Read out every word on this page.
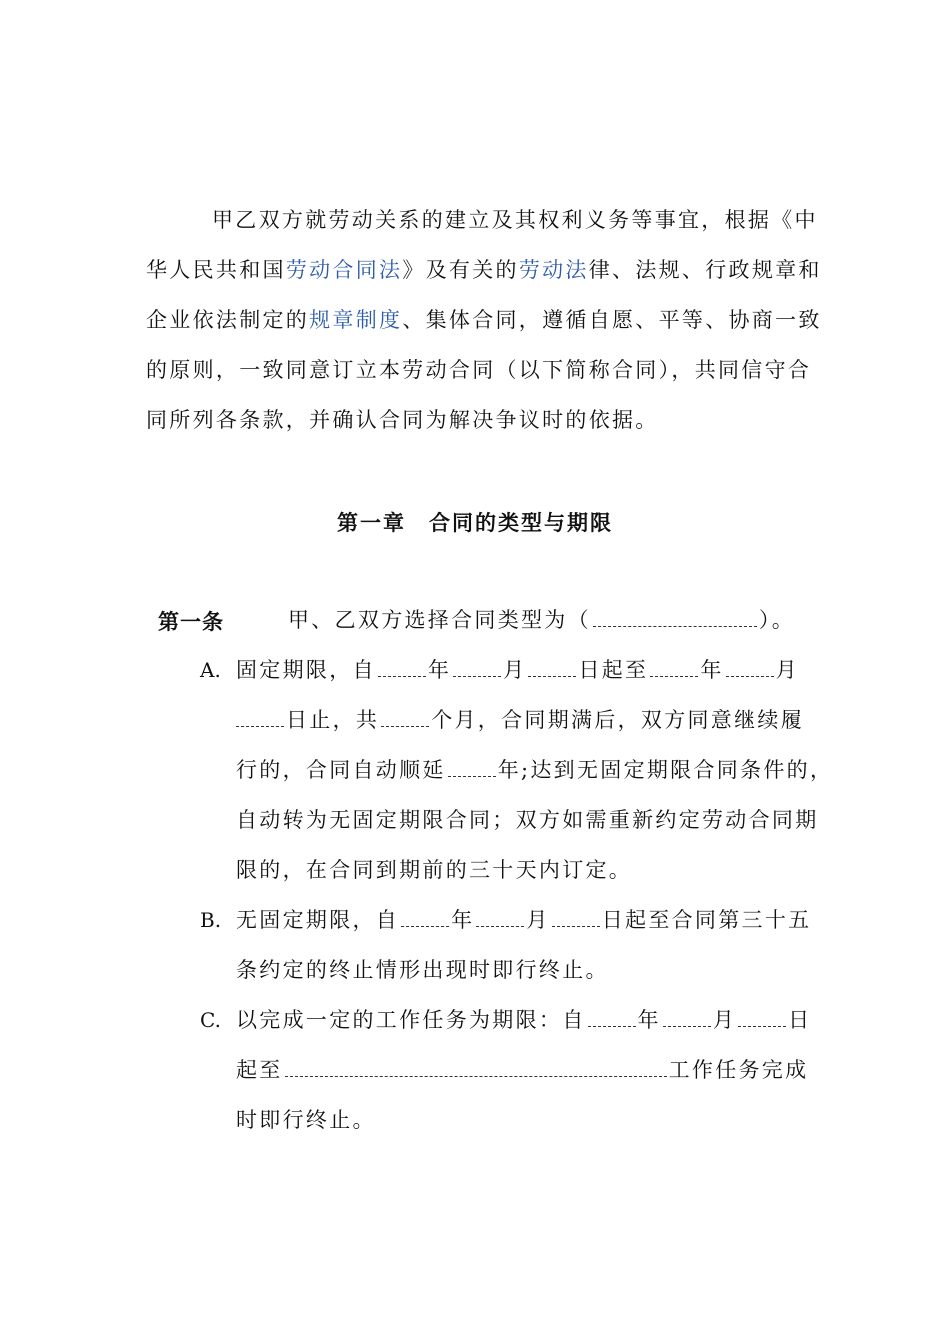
甲乙双方就劳动关系的建立及其权利义务等事宜，根据《中
华人民共和国劳动合同法》及有关的劳动法律、法规、行政规章和
企业依法制定的规章制度、集体合同，遵循自愿、平等、协商一致
的原则，一致同意订立本劳动合同（以下简称合同），共同信守合
同所列各条款，并确认合同为解决争议时的依据。
第一章　合同的类型与期限
第一条	甲、乙双方选择合同类型为（	）。
A. 固定期限，自 年 月 日起至 年 月
日止，共 个月，合同期满后，双方同意继续履
行的，合同自动顺延 年;达到无固定期限合同条件的，
自动转为无固定期限合同；双方如需重新约定劳动合同期
限的，在合同到期前的三十天内订定。
B. 无固定期限，自 年 月 日起至合同第三十五
条约定的终止情形出现时即行终止。
C. 以完成一定的工作任务为期限：自 年 月 日
起至	工作任务完成
时即行终止。
